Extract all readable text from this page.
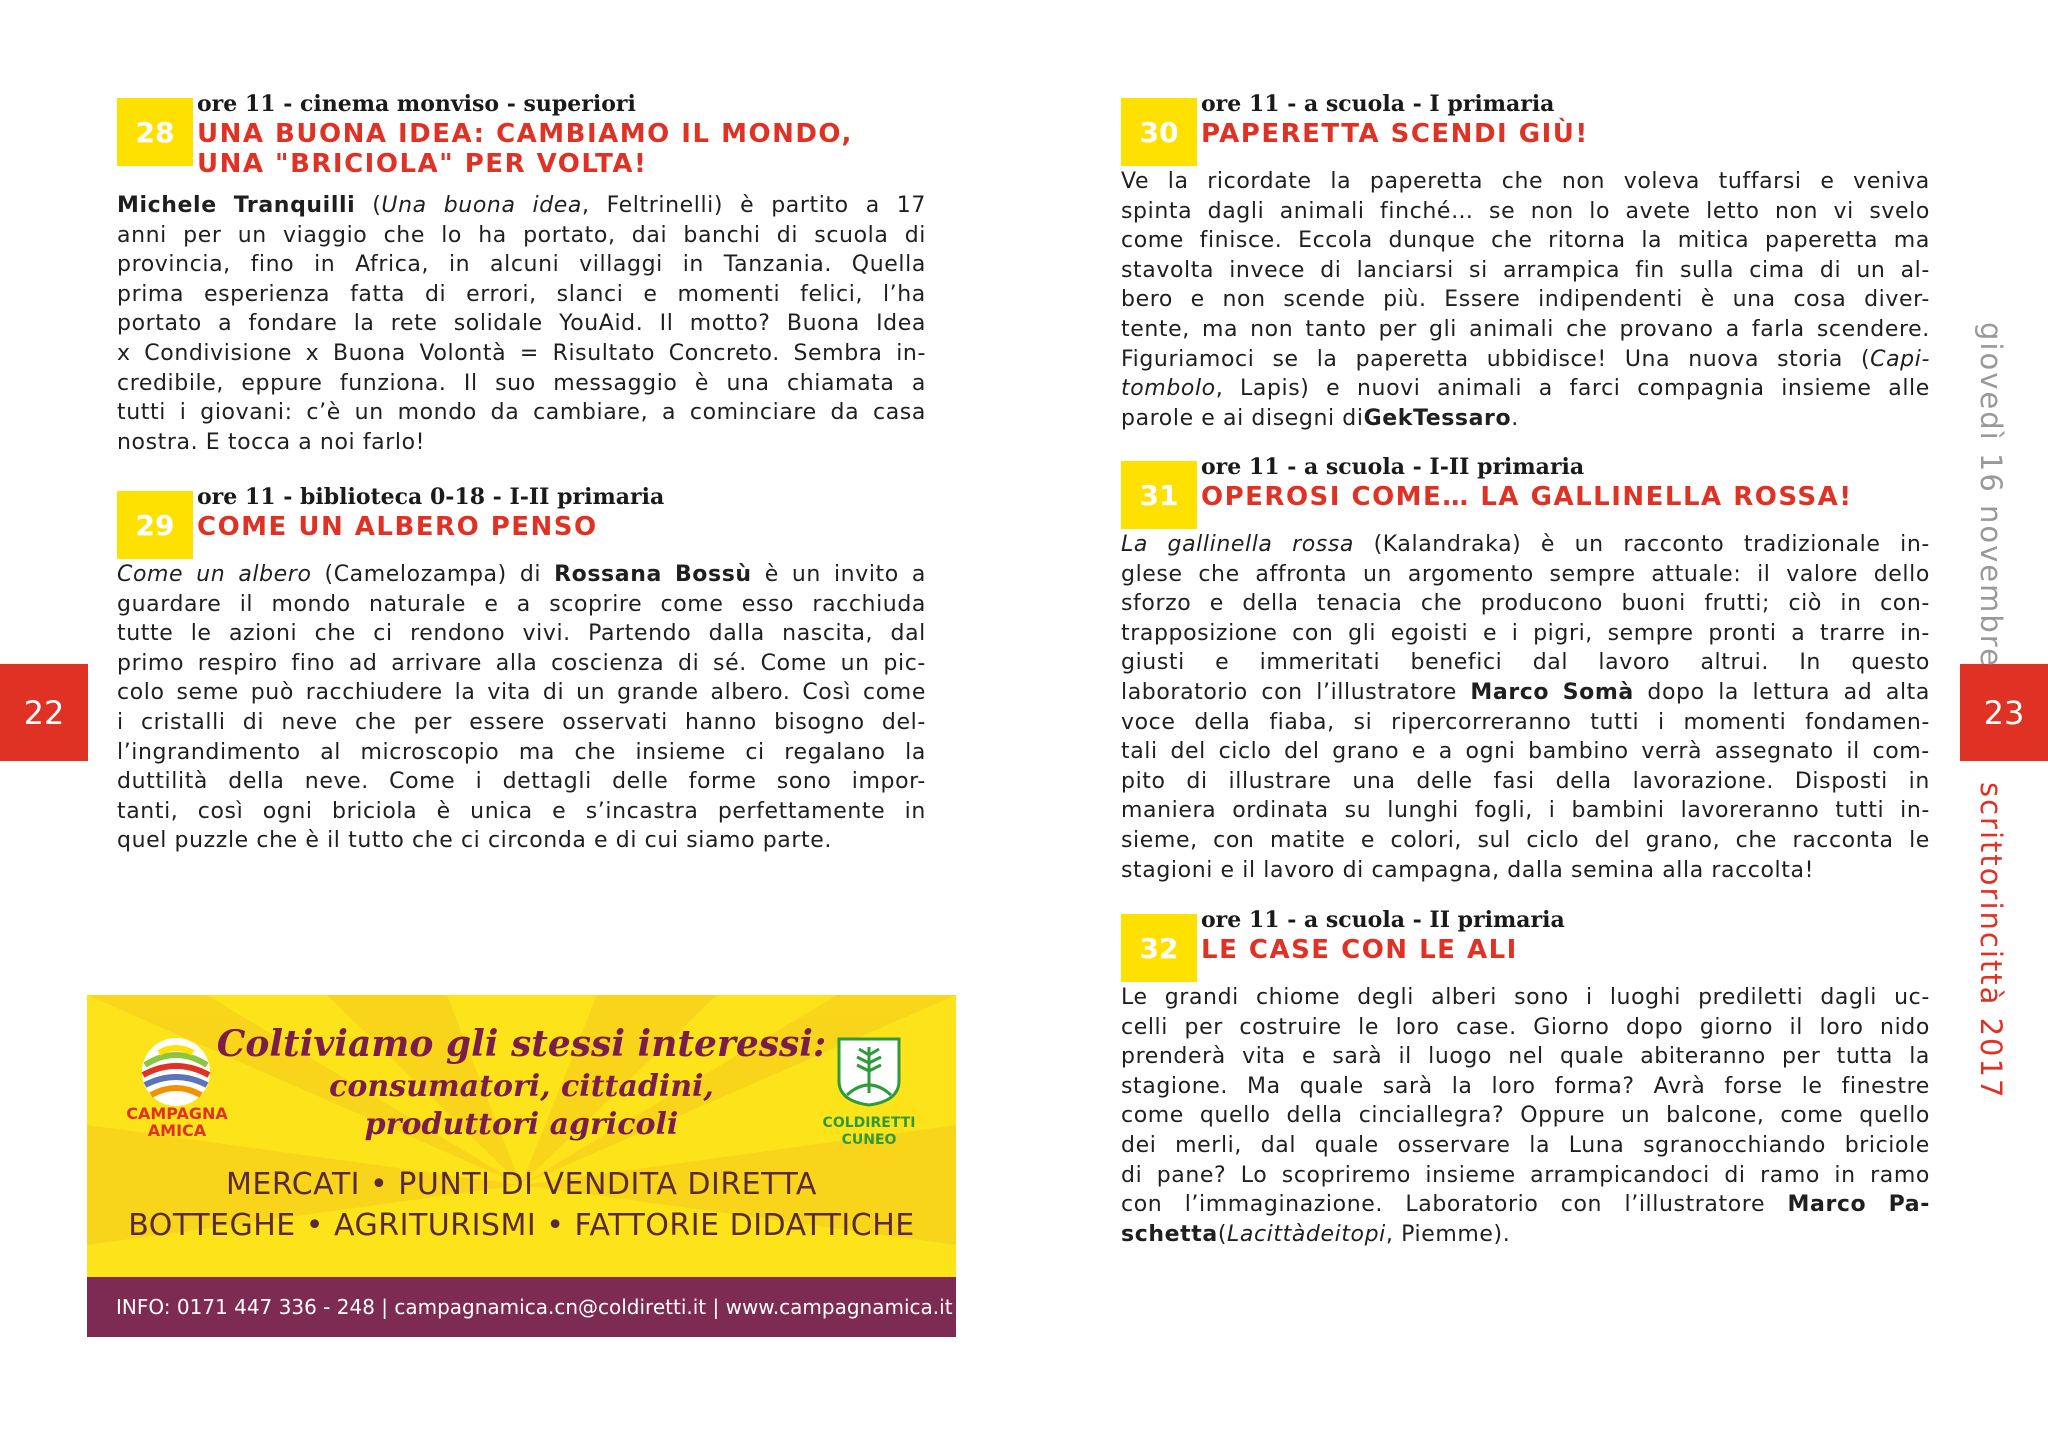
22	23
giovedì 16 novembre
scrittorincittà 2017
28
ore 11 - cinema monviso - superiori
UNA BUONA IDEA: CAMBIAMO IL MONDO,
UNA "BRICIOLA" PER VOLTA!
Michele Tranquilli (Una buona idea, Feltrinelli) è partito a 17
anni per un viaggio che lo ha portato, dai banchi di scuola di
provincia, fino in Africa, in alcuni villaggi in Tanzania. Quella
prima esperienza fatta di errori, slanci e momenti felici, l’ha
portato a fondare la rete solidale YouAid. Il motto? Buona Idea
x Condivisione x Buona Volontà = Risultato Concreto. Sembra in-
credibile, eppure funziona. Il suo messaggio è una chiamata a
tutti i giovani: c’è un mondo da cambiare, a cominciare da casa
nostra. E tocca a noi farlo!
29
ore 11 - biblioteca 0-18 - I-II primaria
COME UN ALBERO PENSO
Come un albero (Camelozampa) di Rossana Bossù è un invito a
guardare il mondo naturale e a scoprire come esso racchiuda
tutte le azioni che ci rendono vivi. Partendo dalla nascita, dal
primo respiro fino ad arrivare alla coscienza di sé. Come un pic-
colo seme può racchiudere la vita di un grande albero. Così come
i cristalli di neve che per essere osservati hanno bisogno del-
l’ingrandimento al microscopio ma che insieme ci regalano la
duttilità della neve. Come i dettagli delle forme sono impor-
tanti, così ogni briciola è unica e s’incastra perfettamente in
quel puzzle che è il tutto che ci circonda e di cui siamo parte.
30
ore 11 - a scuola - I primaria
PAPERETTA SCENDI GIÙ!
Ve la ricordate la paperetta che non voleva tuffarsi e veniva
spinta dagli animali finché… se non lo avete letto non vi svelo
come finisce. Eccola dunque che ritorna la mitica paperetta ma
stavolta invece di lanciarsi si arrampica fin sulla cima di un al-
bero e non scende più. Essere indipendenti è una cosa diver-
tente, ma non tanto per gli animali che provano a farla scendere.
Figuriamoci se la paperetta ubbidisce! Una nuova storia (Capi-
tombolo, Lapis) e nuovi animali a farci compagnia insieme alle
parole e ai disegni di Gek Tessaro .
31
ore 11 - a scuola - I-II primaria
OPEROSI COME… LA GALLINELLA ROSSA!
La gallinella rossa (Kalandraka) è un racconto tradizionale in-
glese che affronta un argomento sempre attuale: il valore dello
sforzo e della tenacia che producono buoni frutti; ciò in con-
trapposizione con gli egoisti e i pigri, sempre pronti a trarre in-
giusti e immeritati benefici dal lavoro altrui. In questo
laboratorio con l’illustratore Marco Somà dopo la lettura ad alta
voce della fiaba, si ripercorreranno tutti i momenti fondamen-
tali del ciclo del grano e a ogni bambino verrà assegnato il com-
pito di illustrare una delle fasi della lavorazione. Disposti in
maniera ordinata su lunghi fogli, i bambini lavoreranno tutti in-
sieme, con matite e colori, sul ciclo del grano, che racconta le
stagioni e il lavoro di campagna, dalla semina alla raccolta!
32
ore 11 - a scuola - II primaria
LE CASE CON LE ALI
Le grandi chiome degli alberi sono i luoghi prediletti dagli uc-
celli per costruire le loro case. Giorno dopo giorno il loro nido
prenderà vita e sarà il luogo nel quale abiteranno per tutta la
stagione. Ma quale sarà la loro forma? Avrà forse le finestre
come quello della cinciallegra? Oppure un balcone, come quello
dei merli, dal quale osservare la Luna sgranocchiando briciole
di pane? Lo scopriremo insieme arrampicandoci di ramo in ramo
con l’immaginazione. Laboratorio con l’illustratore Marco Pa-
schetta ( La città dei topi , Piemme).
CAMPAGNA
AMICA	COLDIRETTI
CUNEO
Coltiviamo gli stessi interessi:
consumatori, cittadini,
produttori agricoli
MERCATI • PUNTI DI VENDITA DIRETTA
BOTTEGHE • AGRITURISMI • FATTORIE DIDATTICHE
INFO: 0171 447 336 - 248 | campagnamica.cn@coldiretti.it | www.campagnamica.it
